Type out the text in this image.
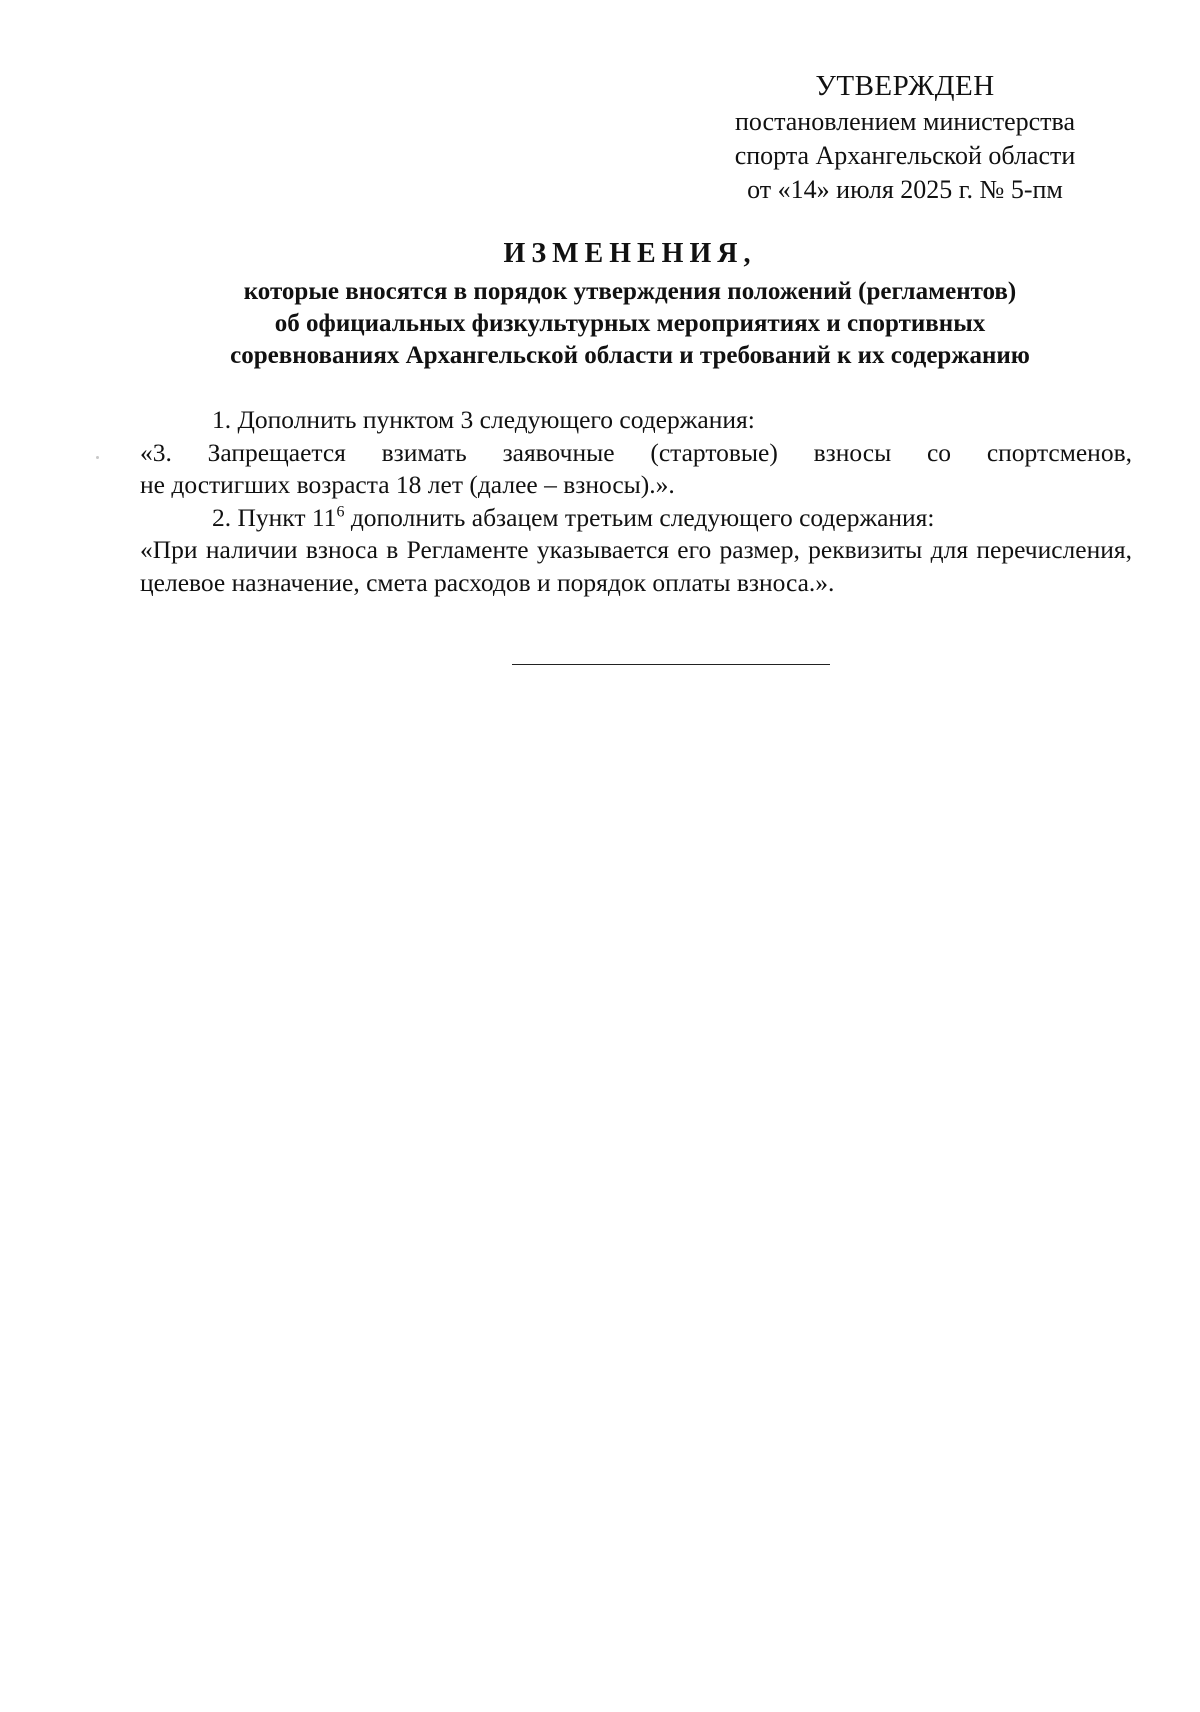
УТВЕРЖДЕН
постановлением министерства
спорта Архангельской области
от «14» июля 2025 г. № 5-пм
ИЗМЕНЕНИЯ,
которые вносятся в порядок утверждения положений (регламентов)
об официальных физкультурных мероприятиях и спортивных
соревнованиях Архангельской области и требований к их содержанию

1. Дополнить пунктом 3 следующего содержания:

«3. Запрещается взимать заявочные (стартовые) взносы со спортсменов,

не достигших возраста 18 лет (далее – взносы).».

2. Пункт $11^6$ дополнить абзацем третьим следующего содержания:

«При наличии взноса в Регламенте указывается его размер, реквизиты для перечисления, целевое назначение, смета расходов и порядок оплаты взноса.».
